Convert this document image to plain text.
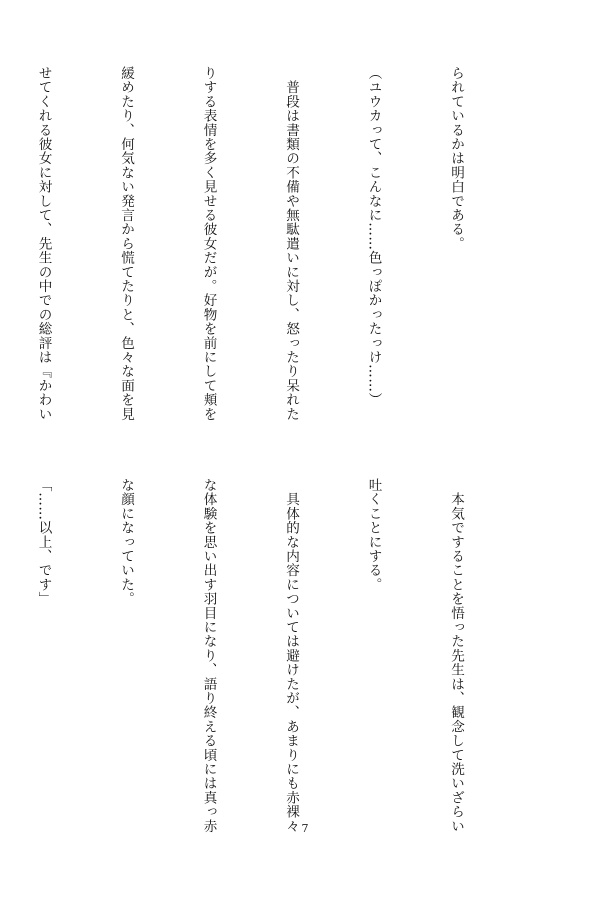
られているかは明白である。

（ユウカって、こんなに……色っぽかったっけ……）

　普段は書類の不備や無駄遣いに対し、怒ったり呆れた

りする表情を多く見せる彼女だが。好物を前にして頬を

緩めたり、何気ない発言から慌てたりと、色々な面を見

せてくれる彼女に対して、先生の中での総評は『かわい

　本気ですることを悟った先生は、観念して洗いざらい

吐くことにする。

　具体的な内容については避けたが、あまりにも赤裸々

な体験を思い出す羽目になり、語り終える頃には真っ赤

な顔になっていた。

「……以上、です」

7
